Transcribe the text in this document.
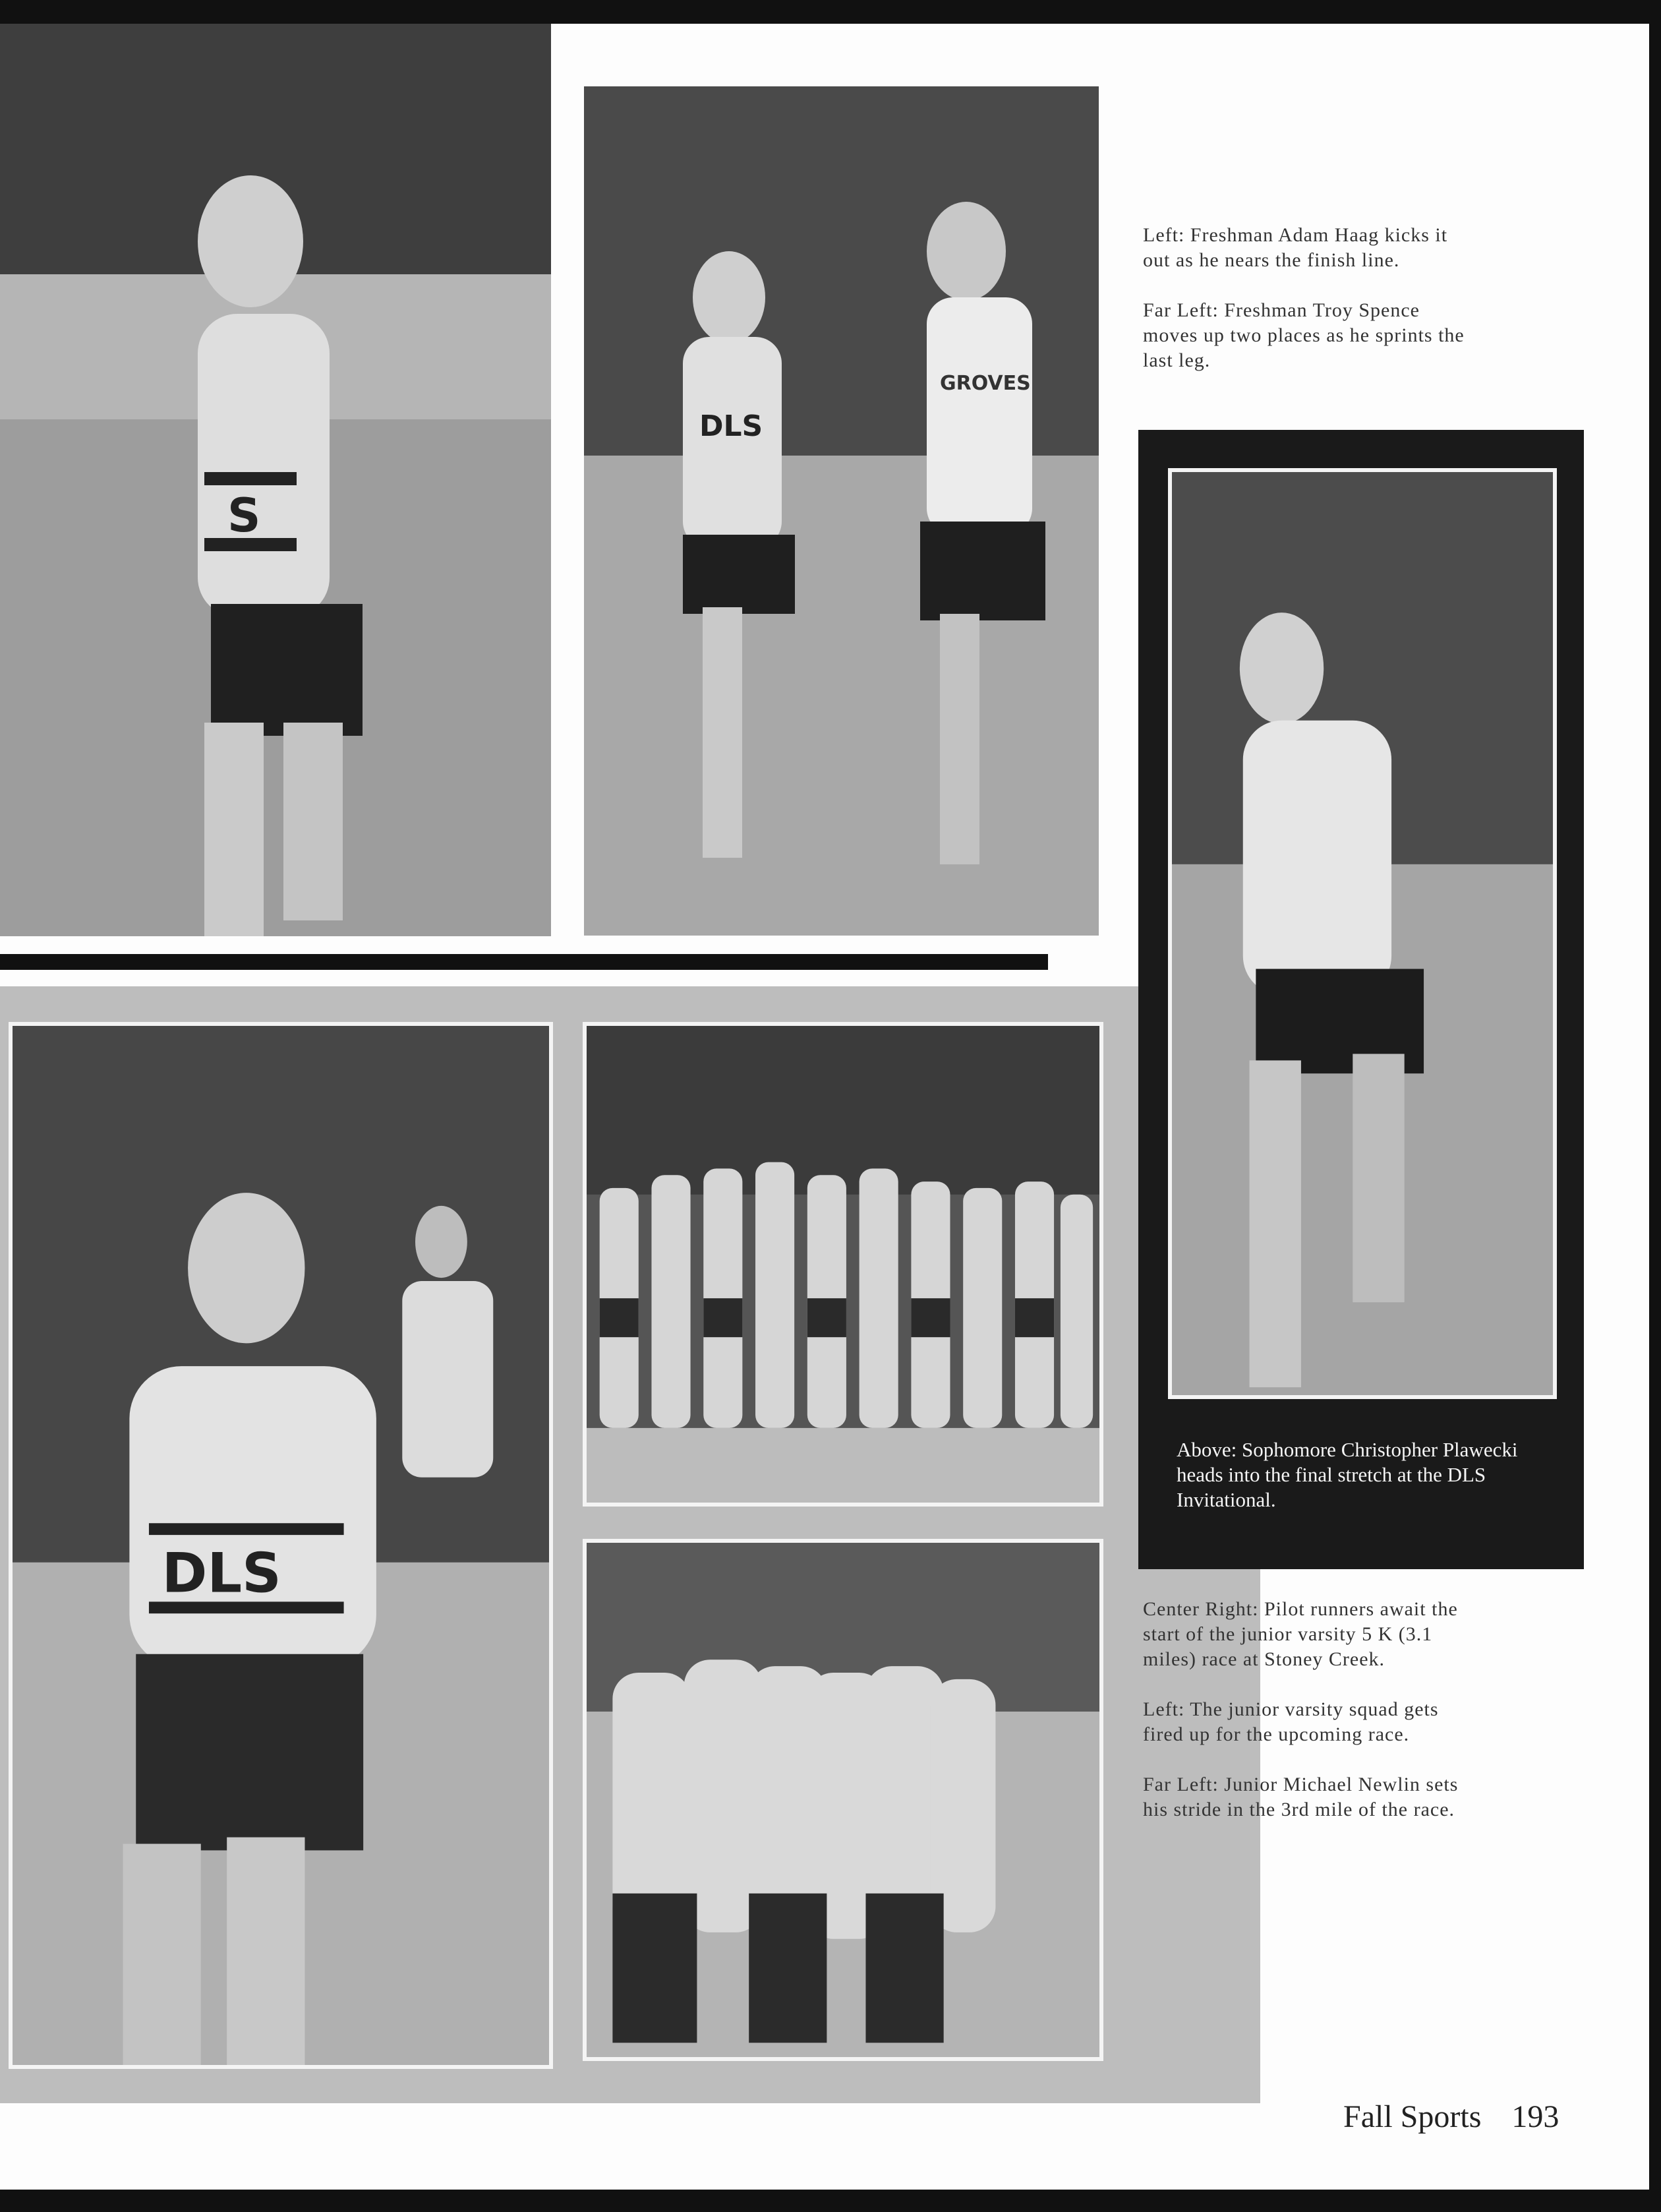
S
DLS
GROVES

Left: Freshman Adam Haag kicks it out as he nears the finish line.

Far Left: Freshman Troy Spence moves up two places as he sprints the last leg.

Above: Sophomore Christopher Plawecki heads into the final stretch at the DLS Invitational.
DLS

Center Right: Pilot runners await the start of the junior varsity 5 K (3.1 miles) race at Stoney Creek.

Left: The junior varsity squad gets fired up for the upcoming race.

Far Left: Junior Michael Newlin sets his stride in the 3rd mile of the race.

Fall Sports 193
